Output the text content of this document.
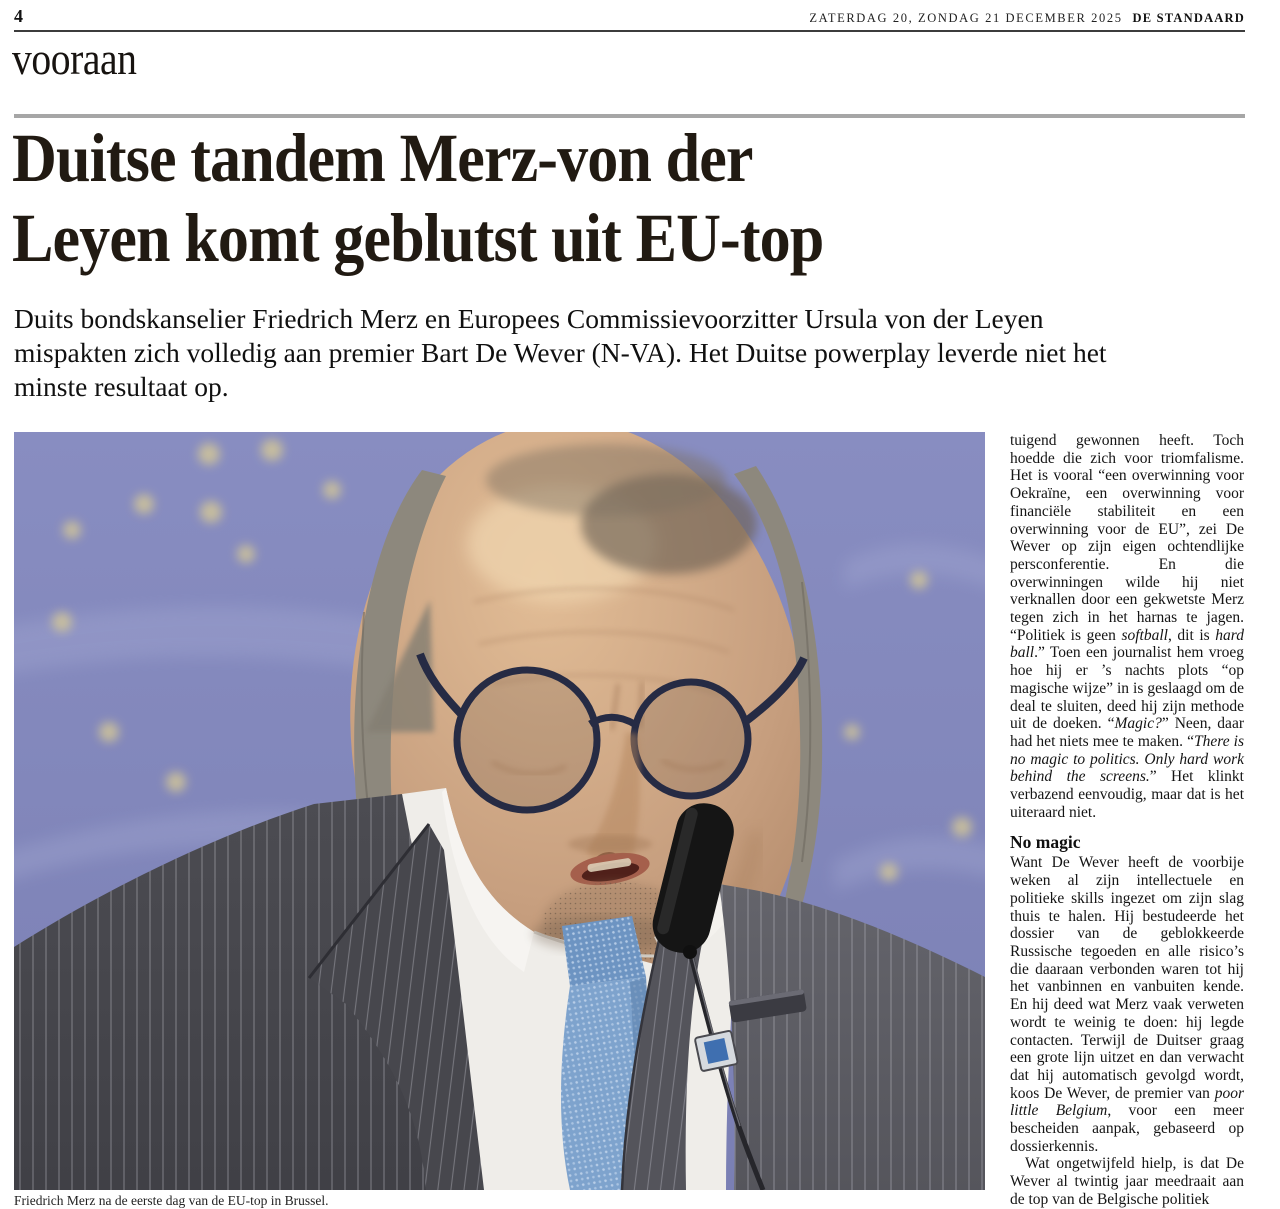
4	ZATERDAG 20, ZONDAG 21 DECEMBER 2025 DE STANDAARD
vooraan
Duitse tandem Merz-von der
Leyen komt geblutst uit EU-top
Duits bondskanselier Friedrich Merz en Europees Commissievoorzitter Ursula von der Leyen mispakten zich volledig aan premier Bart De Wever (N-VA). Het Duitse powerplay leverde niet het minste resultaat op.
Friedrich Merz na de eerste dag van de EU-top in Brussel.

tuigend gewonnen heeft. Toch hoedde die zich voor triomfalisme. Het is vooral “een overwinning voor Oekraïne, een overwinning voor financiële stabiliteit en een overwinning voor de EU”, zei De Wever op zijn eigen ochtendlijke persconferentie. En die overwinningen wilde hij niet verknallen door een gekwetste Merz tegen zich in het harnas te jagen. “Politiek is geen softball, dit is hard ball.” Toen een journalist hem vroeg hoe hij er ’s nachts plots “op magische wijze” in is geslaagd om de deal te sluiten, deed hij zijn methode uit de doeken. “Magic?” Neen, daar had het niets mee te maken. “There is no magic to politics. Only hard work behind the screens.” Het klinkt verbazend eenvoudig, maar dat is het uiteraard niet.

No magic

Want De Wever heeft de voorbije weken al zijn intellectuele en politieke skills ingezet om zijn slag thuis te halen. Hij bestudeerde het dossier van de geblokkeerde Russische tegoeden en alle risico’s die daaraan verbonden waren tot hij het vanbinnen en vanbuiten kende. En hij deed wat Merz vaak verweten wordt te weinig te doen: hij legde contacten. Terwijl de Duitser graag een grote lijn uitzet en dan verwacht dat hij automatisch gevolgd wordt, koos De Wever, de premier van poor little Belgium, voor een meer bescheiden aanpak, gebaseerd op dossierkennis.

Wat ongetwijfeld hielp, is dat De Wever al twintig jaar meedraait aan de top van de Belgische politiek
